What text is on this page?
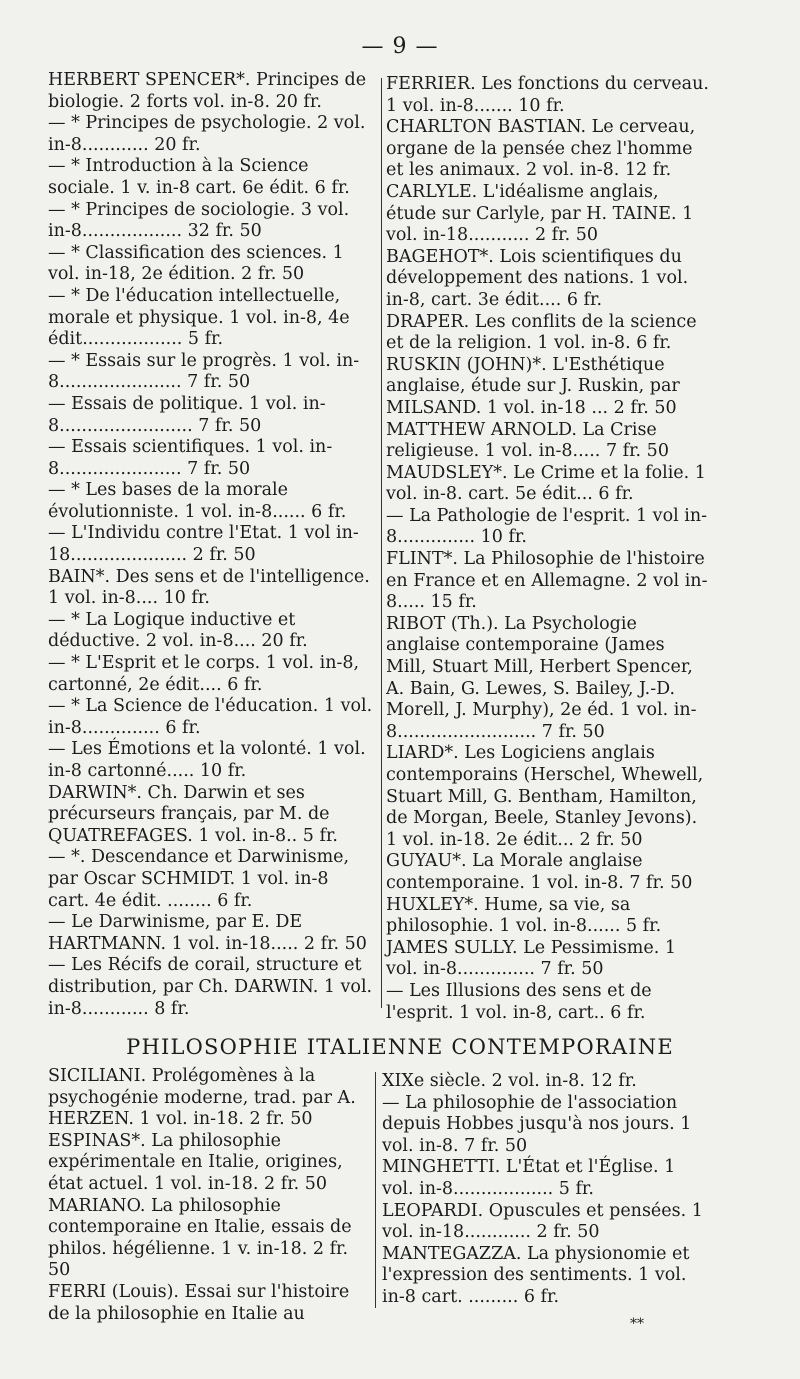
— 9 —
HERBERT SPENCER*. Principes de biologie. 2 forts vol. in-8. 20 fr.
— * Principes de psychologie. 2 vol. in-8............ 20 fr.
— * Introduction à la Science sociale. 1 v. in-8 cart. 6e édit. 6 fr.
— * Principes de sociologie. 3 vol. in-8.................. 32 fr. 50
— * Classification des sciences. 1 vol. in-18, 2e édition. 2 fr. 50
— * De l'éducation intellectuelle, morale et physique. 1 vol. in-8, 4e édit.................. 5 fr.
— * Essais sur le progrès. 1 vol. in-8...................... 7 fr. 50
— Essais de politique. 1 vol. in-8........................ 7 fr. 50
— Essais scientifiques. 1 vol. in-8...................... 7 fr. 50
— * Les bases de la morale évolutionniste. 1 vol. in-8...... 6 fr.
— L'Individu contre l'Etat. 1 vol in-18..................... 2 fr. 50
BAIN*. Des sens et de l'intelligence. 1 vol. in-8.... 10 fr.
— * La Logique inductive et déductive. 2 vol. in-8.... 20 fr.
— * L'Esprit et le corps. 1 vol. in-8, cartonné, 2e édit.... 6 fr.
— * La Science de l'éducation. 1 vol. in-8.............. 6 fr.
— Les Émotions et la volonté. 1 vol. in-8 cartonné..... 10 fr.
DARWIN*. Ch. Darwin et ses précurseurs français, par M. de QUATREFAGES. 1 vol. in-8.. 5 fr.
— *. Descendance et Darwinisme, par Oscar SCHMIDT. 1 vol. in-8 cart. 4e édit. ........ 6 fr.
— Le Darwinisme, par E. DE HARTMANN. 1 vol. in-18..... 2 fr. 50
— Les Récifs de corail, structure et distribution, par Ch. DARWIN. 1 vol. in-8............ 8 fr.
FERRIER. Les fonctions du cerveau. 1 vol. in-8....... 10 fr.
CHARLTON BASTIAN. Le cerveau, organe de la pensée chez l'homme et les animaux. 2 vol. in-8. 12 fr.
CARLYLE. L'idéalisme anglais, étude sur Carlyle, par H. TAINE. 1 vol. in-18........... 2 fr. 50
BAGEHOT*. Lois scientifiques du développement des nations. 1 vol. in-8, cart. 3e édit.... 6 fr.
DRAPER. Les conflits de la science et de la religion. 1 vol. in-8. 6 fr.
RUSKIN (JOHN)*. L'Esthétique anglaise, étude sur J. Ruskin, par MILSAND. 1 vol. in-18 ... 2 fr. 50
MATTHEW ARNOLD. La Crise religieuse. 1 vol. in-8..... 7 fr. 50
MAUDSLEY*. Le Crime et la folie. 1 vol. in-8. cart. 5e édit... 6 fr.
— La Pathologie de l'esprit. 1 vol in-8.............. 10 fr.
FLINT*. La Philosophie de l'histoire en France et en Allemagne. 2 vol in-8..... 15 fr.
RIBOT (Th.). La Psychologie anglaise contemporaine (James Mill, Stuart Mill, Herbert Spencer, A. Bain, G. Lewes, S. Bailey, J.-D. Morell, J. Murphy), 2e éd. 1 vol. in-8......................... 7 fr. 50
LIARD*. Les Logiciens anglais contemporains (Herschel, Whewell, Stuart Mill, G. Bentham, Hamilton, de Morgan, Beele, Stanley Jevons). 1 vol. in-18. 2e édit... 2 fr. 50
GUYAU*. La Morale anglaise contemporaine. 1 vol. in-8. 7 fr. 50
HUXLEY*. Hume, sa vie, sa philosophie. 1 vol. in-8...... 5 fr.
JAMES SULLY. Le Pessimisme. 1 vol. in-8.............. 7 fr. 50
— Les Illusions des sens et de l'esprit. 1 vol. in-8, cart.. 6 fr.
PHILOSOPHIE ITALIENNE CONTEMPORAINE
SICILIANI. Prolégomènes à la psychogénie moderne, trad. par A. HERZEN. 1 vol. in-18. 2 fr. 50
ESPINAS*. La philosophie expérimentale en Italie, origines, état actuel. 1 vol. in-18. 2 fr. 50
MARIANO. La philosophie contemporaine en Italie, essais de philos. hégélienne. 1 v. in-18. 2 fr. 50
FERRI (Louis). Essai sur l'histoire de la philosophie en Italie au
XIXe siècle. 2 vol. in-8. 12 fr.
— La philosophie de l'association depuis Hobbes jusqu'à nos jours. 1 vol. in-8. 7 fr. 50
MINGHETTI. L'État et l'Église. 1 vol. in-8.................. 5 fr.
LEOPARDI. Opuscules et pensées. 1 vol. in-18............ 2 fr. 50
MANTEGAZZA. La physionomie et l'expression des sentiments. 1 vol. in-8 cart. ......... 6 fr.
**
